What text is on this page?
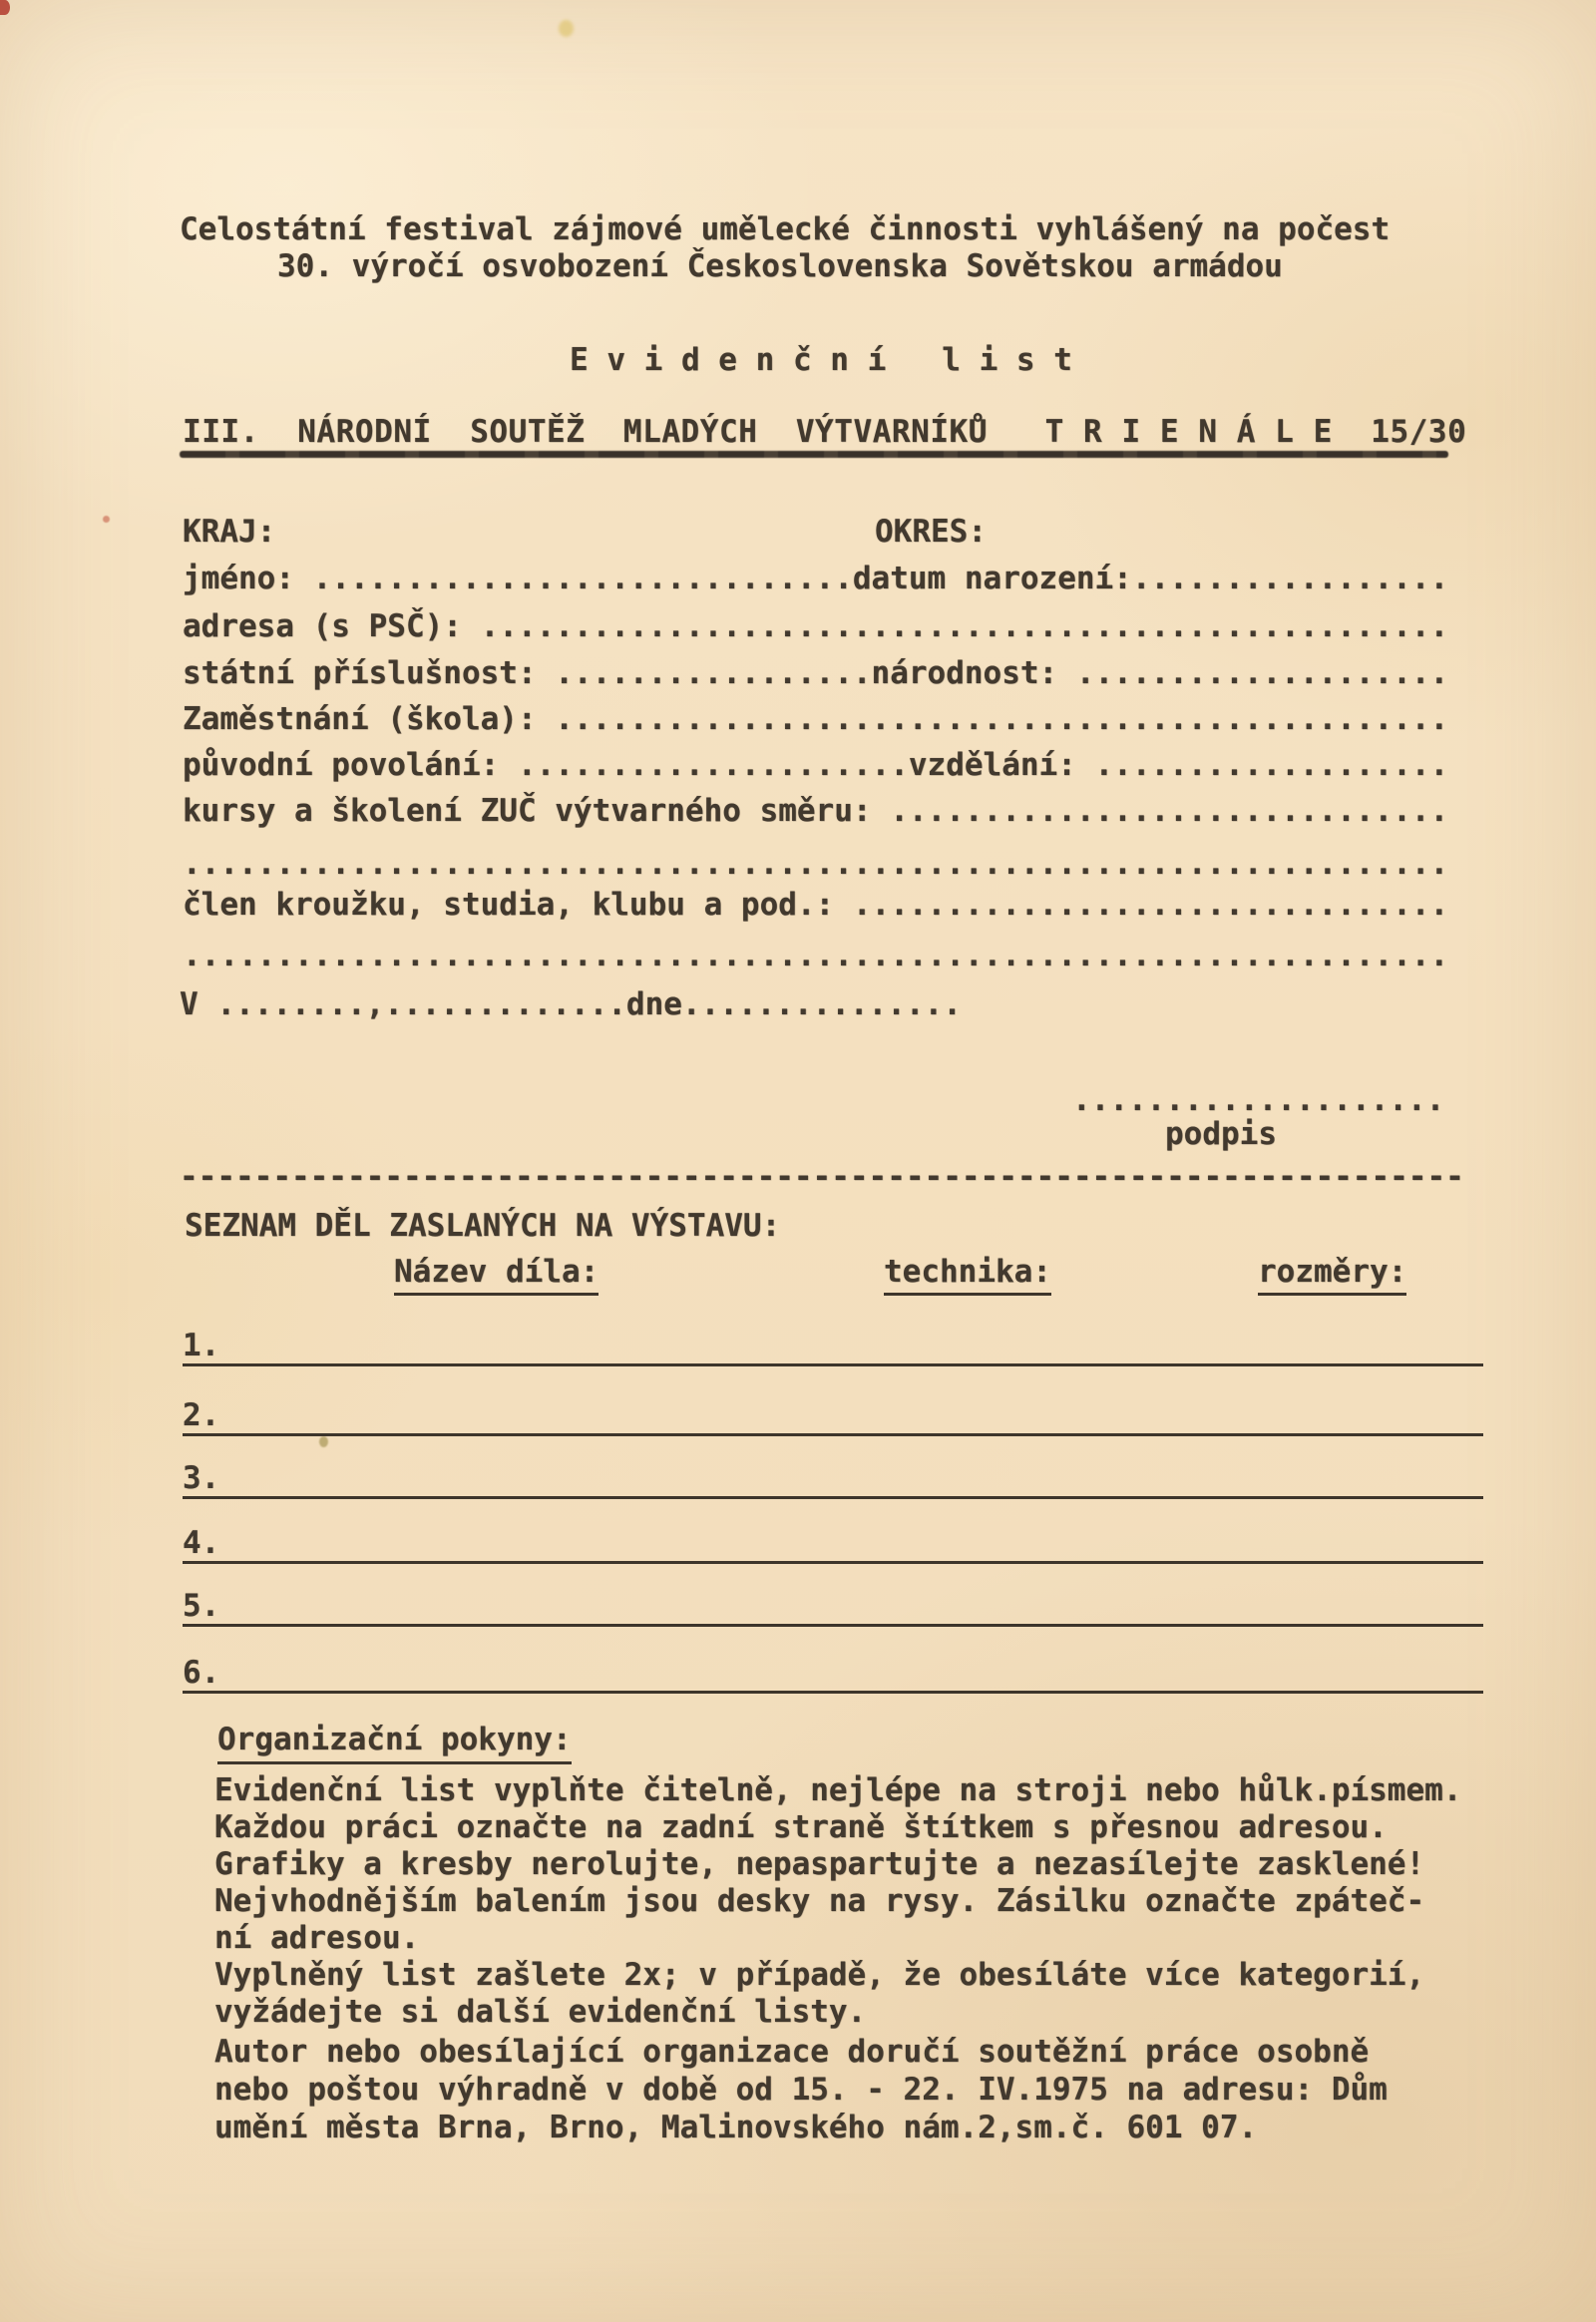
Celostátní festival zájmové umělecké činnosti vyhlášený na počest
30. výročí osvobození Československa Sovětskou armádou
E v i d e n č n í   l i s t
III.  NÁRODNÍ  SOUTĚŽ  MLADÝCH  VÝTVARNÍKŮ   T R I E N Á L E  15/30
KRAJ:	OKRES:
jméno: .............................datum narození:.................
adresa (s PSČ): ....................................................
státní příslušnost: .................národnost: ....................
Zaměstnání (škola): ................................................
původní povolání: .....................vzdělání: ...................
kursy a školení ZUČ výtvarného směru: ..............................
....................................................................
člen kroužku, studia, klubu a pod.: ................................
....................................................................
V ........,.............dne...............
....................
podpis
---------------------------------------------------------------------
SEZNAM DĚL ZASLANÝCH NA VÝSTAVU:
Název díla:	technika:	rozměry:
1.
2.
3.
4.
5.
6.
Organizační pokyny:
Evidenční list vyplňte čitelně, nejlépe na stroji nebo hůlk.písmem.
Každou práci označte na zadní straně štítkem s přesnou adresou.
Grafiky a kresby nerolujte, nepaspartujte a nezasílejte zasklené!
Nejvhodnějším balením jsou desky na rysy. Zásilku označte zpáteč-
ní adresou.
Vyplněný list zašlete 2x; v případě, že obesíláte více kategorií,
vyžádejte si další evidenční listy.
Autor nebo obesílající organizace doručí soutěžní práce osobně
nebo poštou výhradně v době od 15. - 22. IV.1975 na adresu: Dům
umění města Brna, Brno, Malinovského nám.2,sm.č. 601 07.
